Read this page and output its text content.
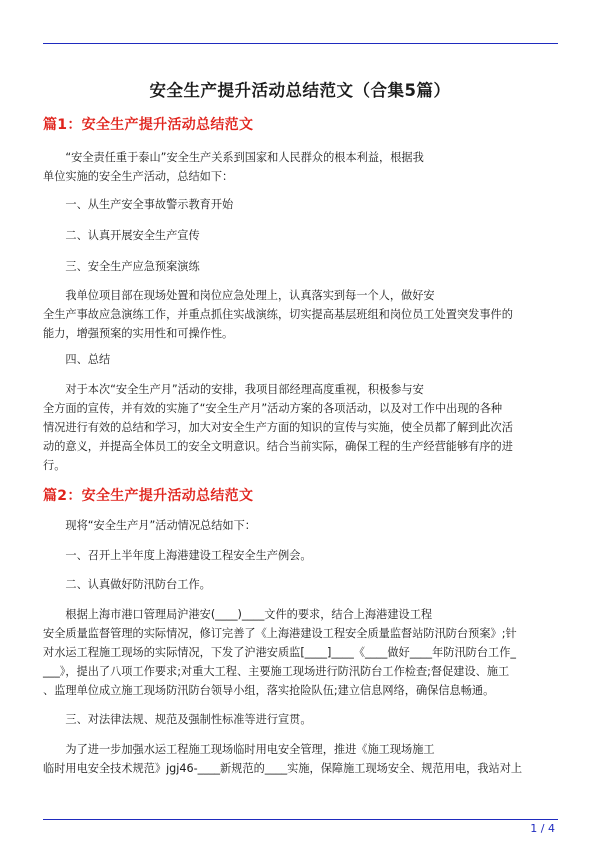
安全生产提升活动总结范文（合集5篇）
篇1：安全生产提升活动总结范文
　　“安全责任重于泰山”安全生产关系到国家和人民群众的根本利益，根据我
单位实施的安全生产活动，总结如下：
　　一、从生产安全事故警示教育开始
　　二、认真开展安全生产宣传
　　三、安全生产应急预案演练
　　我单位项目部在现场处置和岗位应急处理上，认真落实到每一个人，做好安
全生产事故应急演练工作，并重点抓住实战演练，切实提高基层班组和岗位员工处置突发事件的
能力，增强预案的实用性和可操作性。
　　四、总结
　　对于本次“安全生产月”活动的安排，我项目部经理高度重视，积极参与安
全方面的宣传，并有效的实施了“安全生产月”活动方案的各项活动，以及对工作中出现的各种
情况进行有效的总结和学习，加大对安全生产方面的知识的宣传与实施，使全员都了解到此次活
动的意义，并提高全体员工的安全文明意识。结合当前实际，确保工程的生产经营能够有序的进
行。
篇2：安全生产提升活动总结范文
　　现将“安全生产月”活动情况总结如下：
　　一、召开上半年度上海港建设工程安全生产例会。
　　二、认真做好防汛防台工作。
　　根据上海市港口管理局沪港安(____)____文件的要求，结合上海港建设工程
安全质量监督管理的实际情况，修订完善了《上海港建设工程安全质量监督站防汛防台预案》;针
对水运工程施工现场的实际情况，下发了沪港安质监[____]____《____做好____年防汛防台工作_
___》，提出了八项工作要求;对重大工程、主要施工现场进行防汛防台工作检查;督促建设、施工
、监理单位成立施工现场防汛防台领导小组，落实抢险队伍;建立信息网络，确保信息畅通。
　　三、对法律法规、规范及强制性标准等进行宣贯。
　　为了进一步加强水运工程施工现场临时用电安全管理，推进《施工现场施工
临时用电安全技术规范》jgj46-____新规范的____实施，保障施工现场安全、规范用电，我站对上
1 / 4
